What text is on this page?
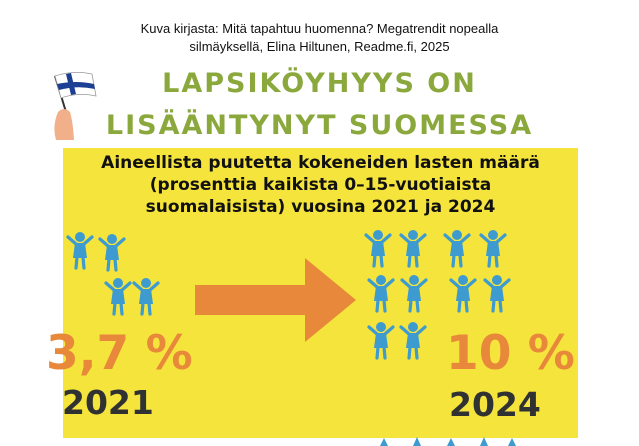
Kuva kirjasta: Mitä tapahtuu huomenna? Megatrendit nopealla
silmäyksellä, Elina Hiltunen, Readme.fi, 2025
LAPSIKÖYHYYS ON
LISÄÄNTYNYT SUOMESSA
Aineellista puutetta kokeneiden lasten määrä
(prosenttia kaikista 0–15-vuotiaista
suomalaisista) vuosina 2021 ja 2024
3,7 %	10 %
2021	2024
